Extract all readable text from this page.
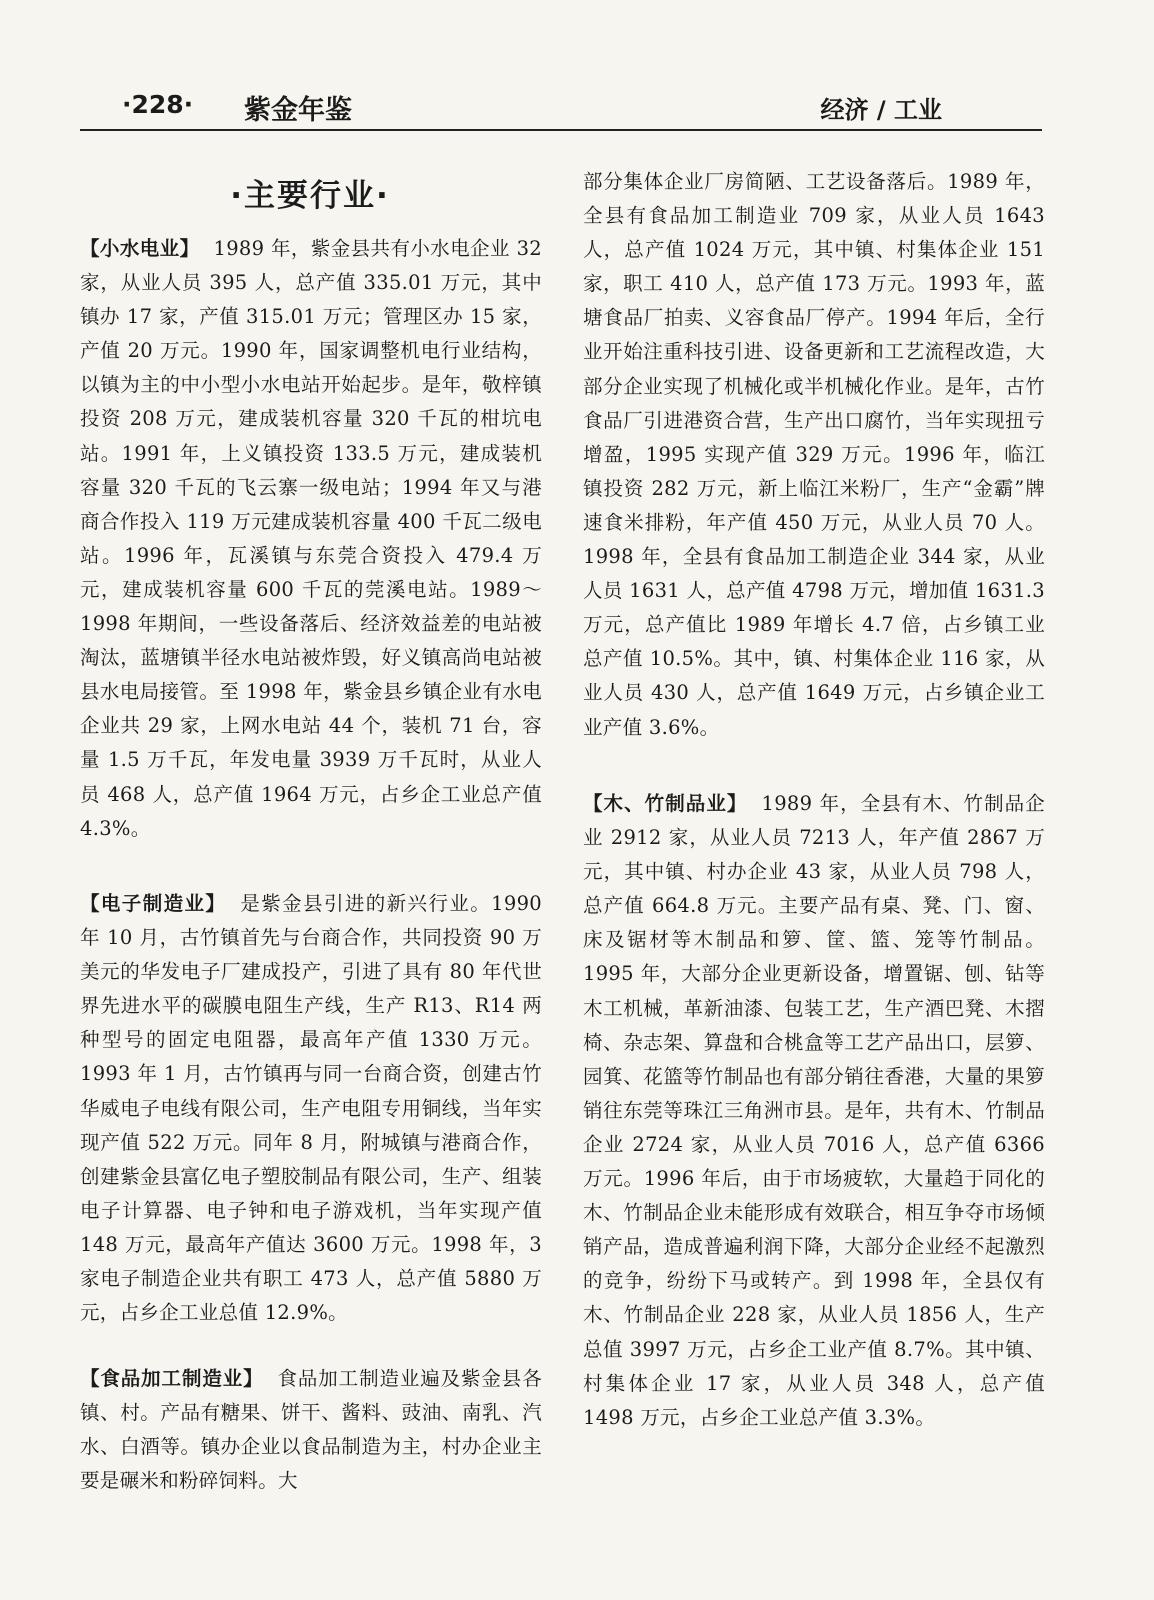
·228· 紫金年鉴	经济 / 工业
·主要行业·

【小水电业】 1989 年，紫金县共有小水电企业 32 家，从业人员 395 人，总产值 335.01 万元，其中镇办 17 家，产值 315.01 万元；管理区办 15 家，产值 20 万元。1990 年，国家调整机电行业结构，以镇为主的中小型小水电站开始起步。是年，敬梓镇投资 208 万元，建成装机容量 320 千瓦的柑坑电站。1991 年，上义镇投资 133.5 万元，建成装机容量 320 千瓦的飞云寨一级电站；1994 年又与港商合作投入 119 万元建成装机容量 400 千瓦二级电站。1996 年，瓦溪镇与东莞合资投入 479.4 万元，建成装机容量 600 千瓦的莞溪电站。1989～1998 年期间，一些设备落后、经济效益差的电站被淘汰，蓝塘镇半径水电站被炸毁，好义镇高尚电站被县水电局接管。至 1998 年，紫金县乡镇企业有水电企业共 29 家，上网水电站 44 个，装机 71 台，容量 1.5 万千瓦，年发电量 3939 万千瓦时，从业人员 468 人，总产值 1964 万元，占乡企工业总产值 4.3%。

【电子制造业】 是紫金县引进的新兴行业。1990 年 10 月，古竹镇首先与台商合作，共同投资 90 万美元的华发电子厂建成投产，引进了具有 80 年代世界先进水平的碳膜电阻生产线，生产 R13、R14 两种型号的固定电阻器，最高年产值 1330 万元。1993 年 1 月，古竹镇再与同一台商合资，创建古竹华威电子电线有限公司，生产电阻专用铜线，当年实现产值 522 万元。同年 8 月，附城镇与港商合作，创建紫金县富亿电子塑胶制品有限公司，生产、组装电子计算器、电子钟和电子游戏机，当年实现产值 148 万元，最高年产值达 3600 万元。1998 年，3 家电子制造企业共有职工 473 人，总产值 5880 万元，占乡企工业总值 12.9%。

【食品加工制造业】 食品加工制造业遍及紫金县各镇、村。产品有糖果、饼干、酱料、豉油、南乳、汽水、白酒等。镇办企业以食品制造为主，村办企业主要是碾米和粉碎饲料。大

部分集体企业厂房简陋、工艺设备落后。1989 年，全县有食品加工制造业 709 家，从业人员 1643 人，总产值 1024 万元，其中镇、村集体企业 151 家，职工 410 人，总产值 173 万元。1993 年，蓝塘食品厂拍卖、义容食品厂停产。1994 年后，全行业开始注重科技引进、设备更新和工艺流程改造，大部分企业实现了机械化或半机械化作业。是年，古竹食品厂引进港资合营，生产出口腐竹，当年实现扭亏增盈，1995 实现产值 329 万元。1996 年，临江镇投资 282 万元，新上临江米粉厂，生产“金霸”牌速食米排粉，年产值 450 万元，从业人员 70 人。1998 年，全县有食品加工制造企业 344 家，从业人员 1631 人，总产值 4798 万元，增加值 1631.3 万元，总产值比 1989 年增长 4.7 倍，占乡镇工业总产值 10.5%。其中，镇、村集体企业 116 家，从业人员 430 人，总产值 1649 万元，占乡镇企业工业产值 3.6%。

【木、竹制品业】 1989 年，全县有木、竹制品企业 2912 家，从业人员 7213 人，年产值 2867 万元，其中镇、村办企业 43 家，从业人员 798 人，总产值 664.8 万元。主要产品有桌、凳、门、窗、床及锯材等木制品和箩、筐、篮、笼等竹制品。1995 年，大部分企业更新设备，增置锯、刨、钻等木工机械，革新油漆、包装工艺，生产酒巴凳、木摺椅、杂志架、算盘和合桃盒等工艺产品出口，层箩、园箕、花篮等竹制品也有部分销往香港，大量的果箩销往东莞等珠江三角洲市县。是年，共有木、竹制品企业 2724 家，从业人员 7016 人，总产值 6366 万元。1996 年后，由于市场疲软，大量趋于同化的木、竹制品企业未能形成有效联合，相互争夺市场倾销产品，造成普遍利润下降，大部分企业经不起激烈的竞争，纷纷下马或转产。到 1998 年，全县仅有木、竹制品企业 228 家，从业人员 1856 人，生产总值 3997 万元，占乡企工业产值 8.7%。其中镇、村集体企业 17 家，从业人员 348 人，总产值 1498 万元，占乡企工业总产值 3.3%。
